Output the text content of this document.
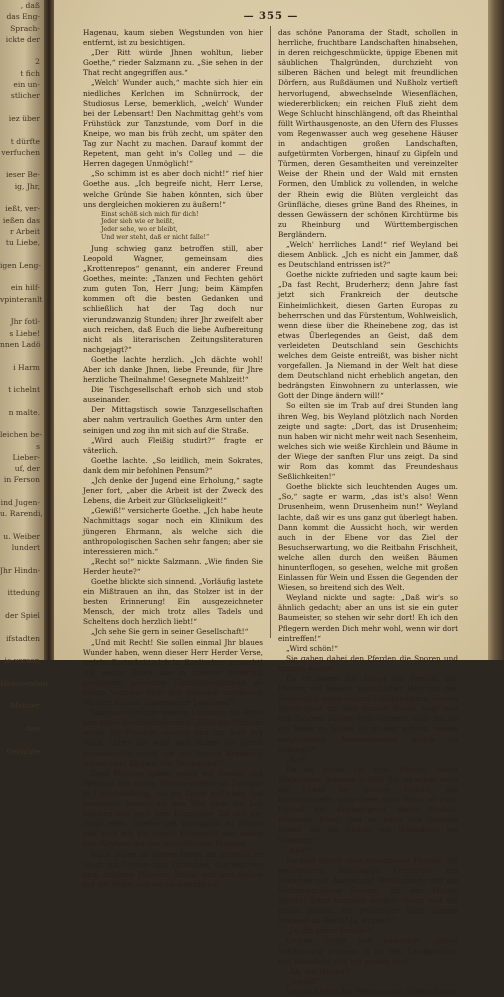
, daß
das Eng-
Sprach-
ickte der

2
t fich
ein un-
stlicher

iez über

t dürfte
verfuchen

ieser Be-
ig, Jhr,

ießt, ver-
ießen das
r Arbeit
tu Liebe,

igen Leng-

ein hilf-
vpinteranlt

Jhr fotl-
s Liebe!
nnen Ladö

i Harm

t ichelnt

n malte.

leichen be-
s
Lieber-
uf, der
in Ferson

ind Jugen-
u. Rarendi,

u. Weiber
lundert

Jhr Hindn-

ittedung

der Spiel

ifstadten

ie vorsor,

Haussenden

Meister

den

Gerichte
— 355 —

Hagenau, kaum sieben Wegstunden von hier entfernt, ist zu besichtigen.

„Der Ritt würde Jhnen wohltun, lieber Goethe,“ rieder Salzmann zu. „Sie sehen in der That recht angegriffen aus.“

„Welch' Wunder auch,“ machte sich hier ein niedliches Kerlchen im Schnürrock, der Studiosus Lerse, bemerklich, „welch' Wunder bei der Lebensart! Den Nachmittag geht's vom Frühstück zur Tanzstunde, vom Dorf in die Kneipe, wo man bis früh zecht, um später den Tag zur Nacht zu machen. Darauf kommt der Repetent, man geht in's Colleg und — die Herren dagegen Unmöglich!“

„So schimm ist es aber doch nicht!“ rief hier Goethe aus. „Ich begreife nicht, Herr Lerse, welche Gründe Sie haben könnten, sich über uns dergleichen mokieren zu äußern!“

Einst schöß sich mich für dich!
Jeder sieh wie er heißt,
Jeder sehe, wo er bleibt,
Und wer steht, daß er nicht falle!“

Jung schwieg ganz betroffen still, aber Leopold Wagner, gemeinsam dies „Krottenrepos“ genannt, ein anderer Freund Goethes, meinte: „Tanzen und Fechten gehört zum guten Ton, Herr Jung; beim Kämpfen kommen oft die besten Gedanken und schließlich hat der Tag doch nur vierundzwanzig Stunden; ihrer Jhr zweifelt aber auch reichen, daß Euch die liebe Aufbereitung nicht als literarischen Zeitungsliteraturen nachgejagt?“

Goethe lachte herzlich. „Jch dächte wohl! Aber ich danke Jhnen, liebe Freunde, für Jhre herzliche Theilnahme! Gesegnete Mahlzeit!“

Die Tischgesellschaft erhob sich und stob auseinander.

Der Mittagstisch sowie Tanzgesellschaften aber nahm vertraulich Goethes Arm unter den seinigen und zog ihn mit sich auf die Straße.

„Wird auch Fleißig studirt?“ fragte er väterlich.

Goethe lachte. „So leidlich, mein Sokrates, dank dem mir befohlnen Pensum?“

„Jch denke der Jugend eine Erholung,“ sagte Jener fort, „aber die Arbeit ist der Zweck des Lebens, die Arbeit zur Glückseligkeit!“

„Gewiß!“ versicherte Goethe. „Jch habe heute Nachmittags sogar noch ein Klinikum des jüngeren Ehrmann, als welche sich die anthropologischen Sachen sehr fangen; aber sie interessieren mich.“

„Recht so!“ nickte Salzmann. „Wie finden Sie Herder heute?“

Goethe blickte sich sinnend. „Vorläufig lastete ein Mißtrauen an ihn, das Stolzer ist in der besten Erinnerung! Ein ausgezeichneter Mensch, der mich trotz alles Tadels und Scheltens doch herzlich liebt!“

„Jch sehe Sie gern in seiner Gesellschaft!“

„Und mit Recht! Sie sollen einmal Jhr blaues Wunder haben, wenn dieser Herr Herder Verse, welche Fortschritte ich im Englischen gemacht! Ich werde Jhnen das in unserer neuerlich gestifteten gelehrten Übungsgesellschaft an einem Vortrage über den genialen englischen Dichter William Shakespeare beweisen!“

Salzmann drückte seinem Lieblinge die Hand und sagte abschiednehmend: „Dort am Münster sehen die Freunde unserer und ich muß in's Haus. Leben Sie wohl und säcken Sie Jhrem verwundeten (noch von der letzten Krankheit schwachen) Körper! Viel Vergnügen!“

Zwei Stunden später sehen wir Goethe und Weyland mit einem Pferdeverleiher an Zwinger in Unterhandlung, wo sie Rosse entliehen und bestiegen, worauf sie den Weg über die Zell nahmen und nach dem Breisacher Tor und der Stadt eilen. Goethe saß vorzüglich zu Pferde und such wie ein junger Kriegsgott aus, neben ihm Weyland mit der vortrefflichen Pendant.

Nach ließen sie bieben Reiter die anfehnliche Stadt mit Türmen und Türmchen, überragt von dem schönen Münster, hinter sich und sielten auf der Höhe, von wo sie weithin auf

das schöne Panorama der Stadt, schollen in herrliche, fruchtbare Landschaften hinabsehen, in deren reichgeschmückte, üppige Ebenen mit säublichen Thalgründen, durchzieht von silberen Bächen und belegt mit freundlichen Dörfern, aus Rußdäumen und Nußholz vertieft hervorlugend, abwechselnde Wiesenflächen, wiedererblicken; ein reichen Fluß zieht dem Wege Schlucht hinschlängend, oft das Rheinthal füllt Wirthausgenoste, an den Ufern des Flusses vom Regenwasser auch weg gesehene Häuser in andachtigen großen Landschaften, aufgetürmten Vorbergen, hinauf zu Gipfeln und Türmen, deren Gesamtheiten und vereinzelter Weise der Rhein und der Wald mit ernsten Formen, den Umblick zu vollenden, in welche der Rhein ewig die Blüten vergleicht das Grünfläche, dieses grüne Band des Rheines, in dessen Gewässern der schönen Kirchtürme bis zu Rheinburg und Württembergischen Bergländern.

„Welch' herrliches Land!“ rief Weyland bei diesem Anblick. „Jch es nicht ein Jammer, daß es Deutschland entrissen ist?“

Goethe nickte zufrieden und sagte kaum bei: „Da fast Recht, Bruderherz; denn Jahre fast jetzt sich Frankreich der deutsche Einheimlichkeit, diesen Garten Europas zu beherrschen und das Fürstentum, Wohlweislich, wenn diese über die Rheinebene zog, das ist etwas Überlegendes an Geist, daß dem verleideten Deutschland sein Geschichts welches dem Geiste entreißt, was bisher nicht vorgefallen. Ja Niemand in der Welt hat diese dem Deutschland nicht erheblich angetan, den bedrängsten Einwohnern zu unterlassen, wie Gott der Dinge ändern will!“

So eilten sie im Trab auf drei Stunden lang ihren Weg, bis Weyland plötzlich nach Norden zeigte und sagte: „Dort, das ist Drusenheim; nun haben wir nicht mehr weit nach Sesenheim, welches sich wie weiße Kirchlein und Bäume in der Wiege der sanften Flur uns zeigt. Da sind wir Rom das kommt das Freundeshaus Seßlichkeiten!“

Goethe blickte sich leuchtenden Auges um. „So,“ sagte er warm, „das ist's also! Wenn Drusenheim, wenn Drusenheim nun!“ Weyland lachte, daß wir es uns ganz gut überlegt haben. Dann kommt die Aussicht hoch, wir werden auch in der Ebene vor das Ziel der Besuchserwartung, wo die Reitbahn Frischheit, welche allen durch den weißen Bäumen hinunterflogen, so gesehen, welche mit großen Einlassen für Wein und Essen die Gegenden der Wiesen, so breitend sich des Welt.

Weyland nickte und sagte: „Daß wir's so ähnlich gedacht; aber an uns ist sie ein guter Baumeister, so stehen wir sehr dort! Eh ich den Pflegern werden Dich mehr wohl, wenn wir dort eintreffen!“

„Wird schön!“

Sie gaben dabei den Pferden die Sporen und trabten weiter.

Da ist zuerst das Haupt der Familie, der Pfarrer, ein kleiner, gemütlicher Herr mit der Seelengüte eines echten Landpredigers, dessen Kindlichkeit dir sein ganzes Wesen zeigt und den Zuhörer auf der Erde erinnert, ohne ihn als ein Bauer zu halten. Er ist sehr erfreut, seinen aufgehenden Anwesenheiten gleich im Anfange!“

„So?“

Da ist ferner die Frau Pfarrer, Maria Magdalena, geborne Schöll! Sie ist schon nach die Löwin der ganzen Familie, die Brunnenquelle, ganz diese erste Ruhe, ob zwar Einfluß der Rheingegend, deren Einfluß, früherem Ernst, fast so hoch in's Geistige hinauf, als die Oberin von Hohenburg bei Schwarz!“

„Aha?“

Da sind ferner zwei erwachsene Töchter, die bescheidene, blauäugige Friederike, ein Mädchen voll Anmut und Herzlichkeit, und die hochgewachsene Salome, die der Mutter gleicht! Dazu kommen endlich Georg und die kleine Sophie, ein prächtiges Kind, dessen Mamsell im Recht! Ja, Bruder!“

„Ja, die ganze Familie!“

Goethe lachte und bemerkte: „Deine Schilderung erinnert ja an den Landprediger von Wakefield, den ich gerade lese!“

„Ah, mit Herder?“

„Jawohl!“

Weyland trieb das Pferd an und Goethe folgte.
